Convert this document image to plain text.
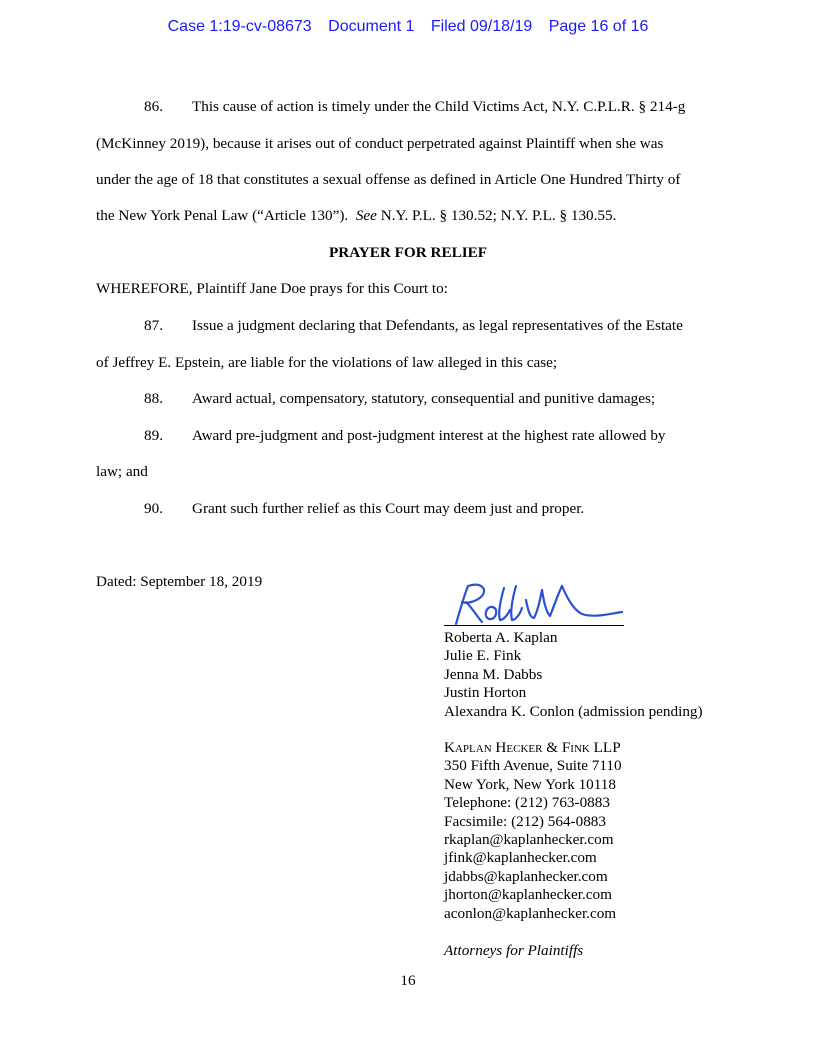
Case 1:19-cv-08673 Document 1 Filed 09/18/19 Page 16 of 16
86. This cause of action is timely under the Child Victims Act, N.Y. C.P.L.R. § 214-g
(McKinney 2019), because it arises out of conduct perpetrated against Plaintiff when she was
under the age of 18 that constitutes a sexual offense as defined in Article One Hundred Thirty of
the New York Penal Law (“Article 130”).  See N.Y. P.L. § 130.52; N.Y. P.L. § 130.55.
PRAYER FOR RELIEF
WHEREFORE, Plaintiff Jane Doe prays for this Court to:
87. Issue a judgment declaring that Defendants, as legal representatives of the Estate
of Jeffrey E. Epstein, are liable for the violations of law alleged in this case;
88. Award actual, compensatory, statutory, consequential and punitive damages;
89. Award pre-judgment and post-judgment interest at the highest rate allowed by
law; and
90. Grant such further relief as this Court may deem just and proper.
Dated: September 18, 2019
Roberta A. Kaplan
Julie E. Fink
Jenna M. Dabbs
Justin Horton
Alexandra K. Conlon (admission pending)
Kaplan Hecker & Fink LLP
350 Fifth Avenue, Suite 7110
New York, New York 10118
Telephone: (212) 763-0883
Facsimile: (212) 564-0883
rkaplan@kaplanhecker.com
jfink@kaplanhecker.com
jdabbs@kaplanhecker.com
jhorton@kaplanhecker.com
aconlon@kaplanhecker.com
Attorneys for Plaintiffs
16
